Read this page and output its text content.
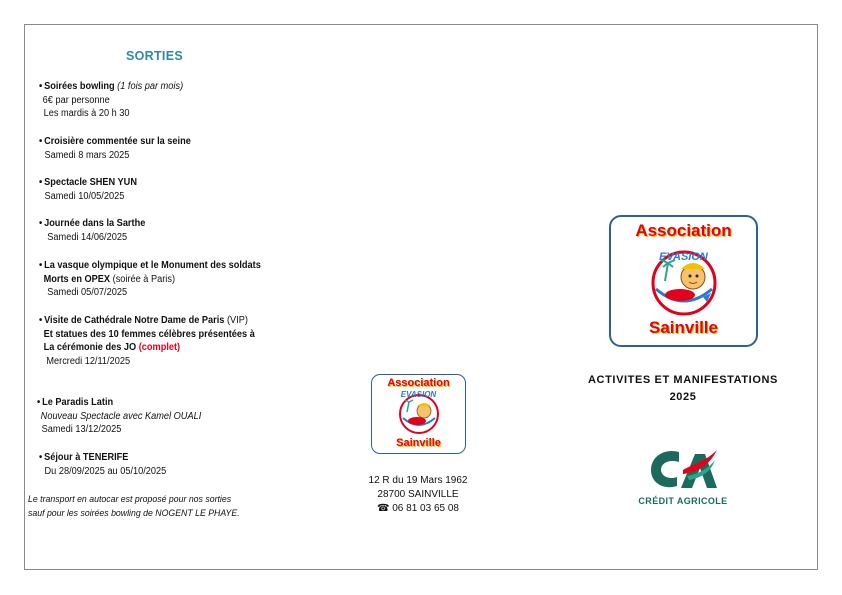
SORTIES
• Soirées bowling (1 fois par mois)
6€ par personne
Les mardis à 20 h 30
• Croisière commentée sur la seine
Samedi 8 mars 2025
• Spectacle SHEN YUN
Samedi 10/05/2025
• Journée dans la Sarthe
Samedi 14/06/2025
• La vasque olympique et le Monument des soldats
Morts en OPEX (soirée à Paris)
Samedi 05/07/2025
• Visite de Cathédrale Notre Dame de Paris (VIP)
Et statues des 10 femmes célèbres présentées à
La cérémonie des JO (complet)
Mercredi 12/11/2025
• Le Paradis Latin
Nouveau Spectacle avec Kamel OUALI
Samedi 13/12/2025
• Séjour à TENERIFE
Du 28/09/2025 au 05/10/2025
Le transport en autocar est proposé pour nos sorties
sauf pour les soirées bowling de NOGENT LE PHAYE.
Association
EVASION
Sainville
12 R du 19 Mars 1962
28700 SAINVILLE
☎ 06 81 03 65 08
Association
EVASION
Sainville
ACTIVITES ET MANIFESTATIONS
2025
CRÉDIT AGRICOLE
